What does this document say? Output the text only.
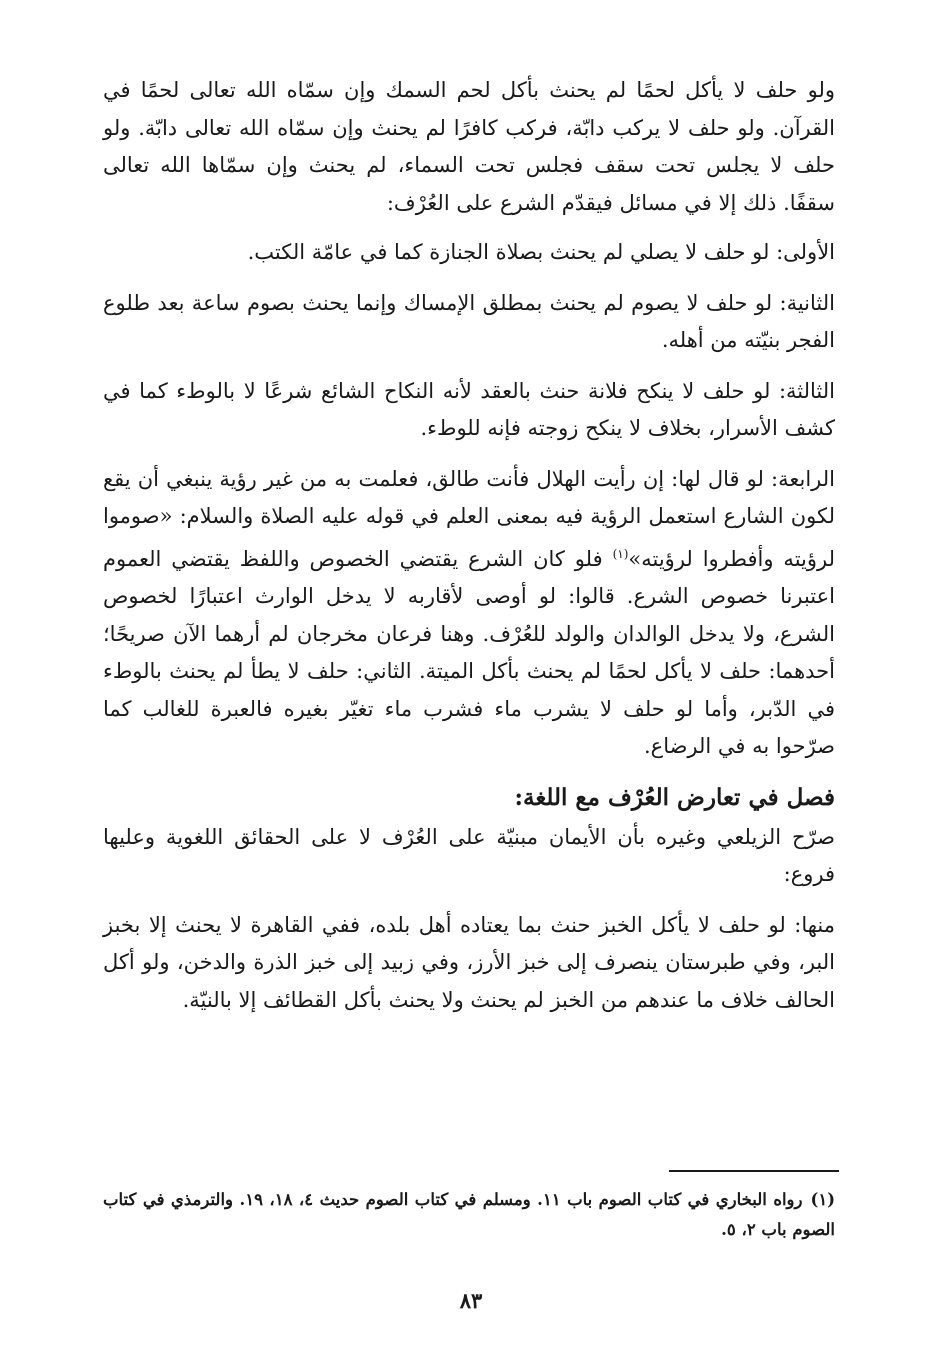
ولو حلف لا يأكل لحمًا لم يحنث بأكل لحم السمك وإن سمّاه الله تعالى لحمًا في القرآن. ولو حلف لا يركب دابّة، فركب كافرًا لم يحنث وإن سمّاه الله تعالى دابّة. ولو حلف لا يجلس تحت سقف فجلس تحت السماء، لم يحنث وإن سمّاها الله تعالى سقفًا. ذلك إلا في مسائل فيقدّم الشرع على العُرْف:

الأولى: لو حلف لا يصلي لم يحنث بصلاة الجنازة كما في عامّة الكتب.

الثانية: لو حلف لا يصوم لم يحنث بمطلق الإمساك وإنما يحنث بصوم ساعة بعد طلوع الفجر بنيّته من أهله.

الثالثة: لو حلف لا ينكح فلانة حنث بالعقد لأنه النكاح الشائع شرعًا لا بالوطء كما في كشف الأسرار، بخلاف لا ينكح زوجته فإنه للوطء.

الرابعة: لو قال لها: إن رأيت الهلال فأنت طالق، فعلمت به من غير رؤية ينبغي أن يقع لكون الشارع استعمل الرؤية فيه بمعنى العلم في قوله عليه الصلاة والسلام: «صوموا لرؤيته وأفطروا لرؤيته»$^{(١)}$ فلو كان الشرع يقتضي الخصوص واللفظ يقتضي العموم اعتبرنا خصوص الشرع. قالوا: لو أوصى لأقاربه لا يدخل الوارث اعتبارًا لخصوص الشرع، ولا يدخل الوالدان والولد للعُرْف. وهنا فرعان مخرجان لم أرهما الآن صريحًا؛ أحدهما: حلف لا يأكل لحمًا لم يحنث بأكل الميتة. الثاني: حلف لا يطأ لم يحنث بالوطء في الدّبر، وأما لو حلف لا يشرب ماء فشرب ماء تغيّر بغيره فالعبرة للغالب كما صرّحوا به في الرضاع.

فصل في تعارض العُرْف مع اللغة:

صرّح الزيلعي وغيره بأن الأيمان مبنيّة على العُرْف لا على الحقائق اللغوية وعليها فروع:

منها: لو حلف لا يأكل الخبز حنث بما يعتاده أهل بلده، ففي القاهرة لا يحنث إلا بخبز البر، وفي طبرستان ينصرف إلى خبز الأرز، وفي زبيد إلى خبز الذرة والدخن، ولو أكل الحالف خلاف ما عندهم من الخبز لم يحنث ولا يحنث بأكل القطائف إلا بالنيّة.

(١)رواه البخاري في كتاب الصوم باب ١١. ومسلم في كتاب الصوم حديث ٤، ١٨، ١٩. والترمذي في كتاب الصوم باب ٢، ٥.
٨٣
